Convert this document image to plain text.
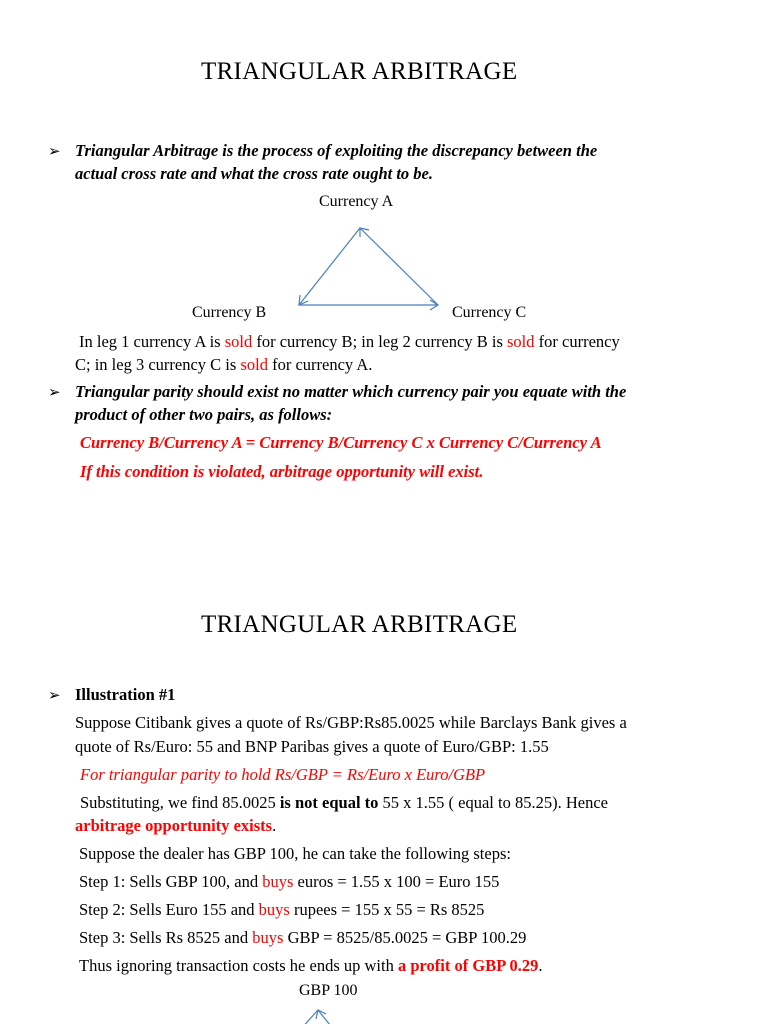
TRIANGULAR ARBITRAGE
➢ Triangular Arbitrage is the process of exploiting the discrepancy between the
actual cross rate and what the cross rate ought to be.
Currency A
Currency B	Currency C
In leg 1 currency A is sold for currency B; in leg 2 currency B is sold for currency
C; in leg 3 currency C is sold for currency A.
➢ Triangular parity should exist no matter which currency pair you equate with the
product of other two pairs, as follows:
Currency B/Currency A = Currency B/Currency C x Currency C/Currency A
If this condition is violated, arbitrage opportunity will exist.
TRIANGULAR ARBITRAGE
➢ Illustration #1
Suppose Citibank gives a quote of Rs/GBP:Rs85.0025 while Barclays Bank gives a
quote of Rs/Euro: 55 and BNP Paribas gives a quote of Euro/GBP: 1.55
For triangular parity to hold Rs/GBP = Rs/Euro x Euro/GBP
Substituting, we find 85.0025 is not equal to 55 x 1.55 ( equal to 85.25). Hence
arbitrage opportunity exists.
Suppose the dealer has GBP 100, he can take the following steps:
Step 1: Sells GBP 100, and buys euros = 1.55 x 100 = Euro 155
Step 2: Sells Euro 155 and buys rupees = 155 x 55 = Rs 8525
Step 3: Sells Rs 8525 and buys GBP = 8525/85.0025 = GBP 100.29
Thus ignoring transaction costs he ends up with a profit of GBP 0.29.
GBP 100
